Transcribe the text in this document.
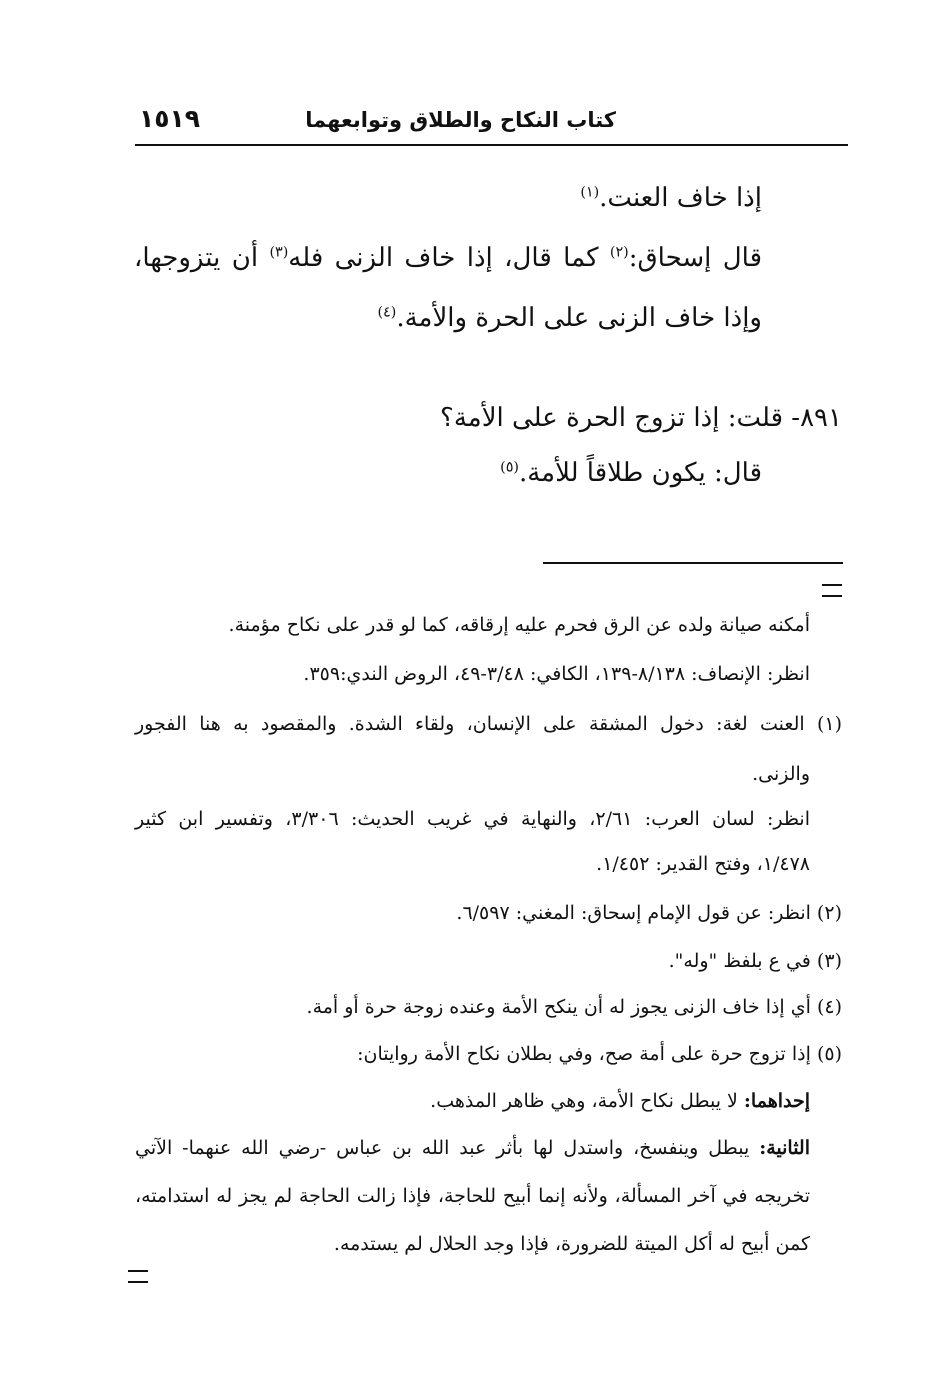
كتاب النكاح والطلاق وتوابعهما
١٥١٩
إذا خاف العنت.$^{(١)}$
قال إسحاق:$^{(٢)}$ كما قال، إذا خاف الزنى فله$^{(٣)}$ أن يتزوجها،
وإذا خاف الزنى على الحرة والأمة.$^{(٤)}$
٨٩١- قلت: إذا تزوج الحرة على الأمة؟
قال: يكون طلاقاً للأمة.$^{(٥)}$
أمكنه صيانة ولده عن الرق فحرم عليه إرقاقه، كما لو قدر على نكاح مؤمنة.
انظر: الإنصاف: ٨/١٣٨-١٣٩، الكافي: ٣/٤٨-٤٩، الروض الندي:٣٥٩.
(١) العنت لغة: دخول المشقة على الإنسان، ولقاء الشدة. والمقصود به هنا الفجور
والزنى.
انظر: لسان العرب: ٢/٦١، والنهاية في غريب الحديث: ٣/٣٠٦، وتفسير ابن كثير
١/٤٧٨، وفتح القدير: ١/٤٥٢.
(٢) انظر: عن قول الإمام إسحاق: المغني: ٦/٥٩٧.
(٣) في ع بلفظ "وله".
(٤) أي إذا خاف الزنى يجوز له أن ينكح الأمة وعنده زوجة حرة أو أمة.
(٥) إذا تزوج حرة على أمة صح، وفي بطلان نكاح الأمة روايتان:
إحداهما: لا يبطل نكاح الأمة، وهي ظاهر المذهب.
الثانية: يبطل وينفسخ، واستدل لها بأثر عبد الله بن عباس -رضي الله عنهما- الآتي
تخريجه في آخر المسألة، ولأنه إنما أبيح للحاجة، فإذا زالت الحاجة لم يجز له استدامته،
كمن أبيح له أكل الميتة للضرورة، فإذا وجد الحلال لم يستدمه.
